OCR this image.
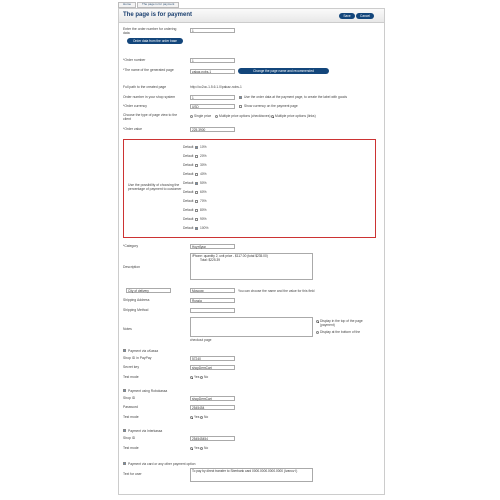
Home	The page is for payment
The page is for payment	Save	Cancel
Enter the order number for ordering data	1
Order data from the order base
*Order number	1
*The name of the generated page	zakaz-nobs-1	Change the page name and recommended
Full path to the created page	http://oc2oc-1.5.6.1.0/pakaz-nobs-1
Order number in your shop system	1	Use the order data at the payment page, to create the label with goods
*Order currency	USD	Show currency on the payment page
Choose the type of page view to the client
Single price Multiple price options (checkboxes) Multiple price options (links)
*Order value	225.3900
Use the possibility of choosing the percentage of payment to customer
Default 10%
Default 20%
Default 30%
Default 40%
Default 50%
Default 60%
Default 70%
Default 80%
Default 90%
Default 100%
*Сategory	Ноутбуки
Description
iPhone: quantity 2, unit price - $117.00 (total $235.00)
Total: $225.39
City of delivery	Moscow	You can choose the name and the value for this field
Shipping Address	Russia
Shipping Method
Notes
Display in the top of the page (payment)
Display at the bottom of the
checkout page
Payment via uKassa
Shop ID in PayPay	57240
Secret key	shopDemCart
Test mode	Yes No
Payment using Robokassa
Shop ID	shopDemCart
Password	2545454
Test mode	Yes No
Payment via Interkassa
Shop ID	254545454
Test mode	Yes No
Payment via card or any other payment option
Text for user
To pay by direct transfer to Sberbank card 0000.0000.0000.0000 (Ivanov I)
